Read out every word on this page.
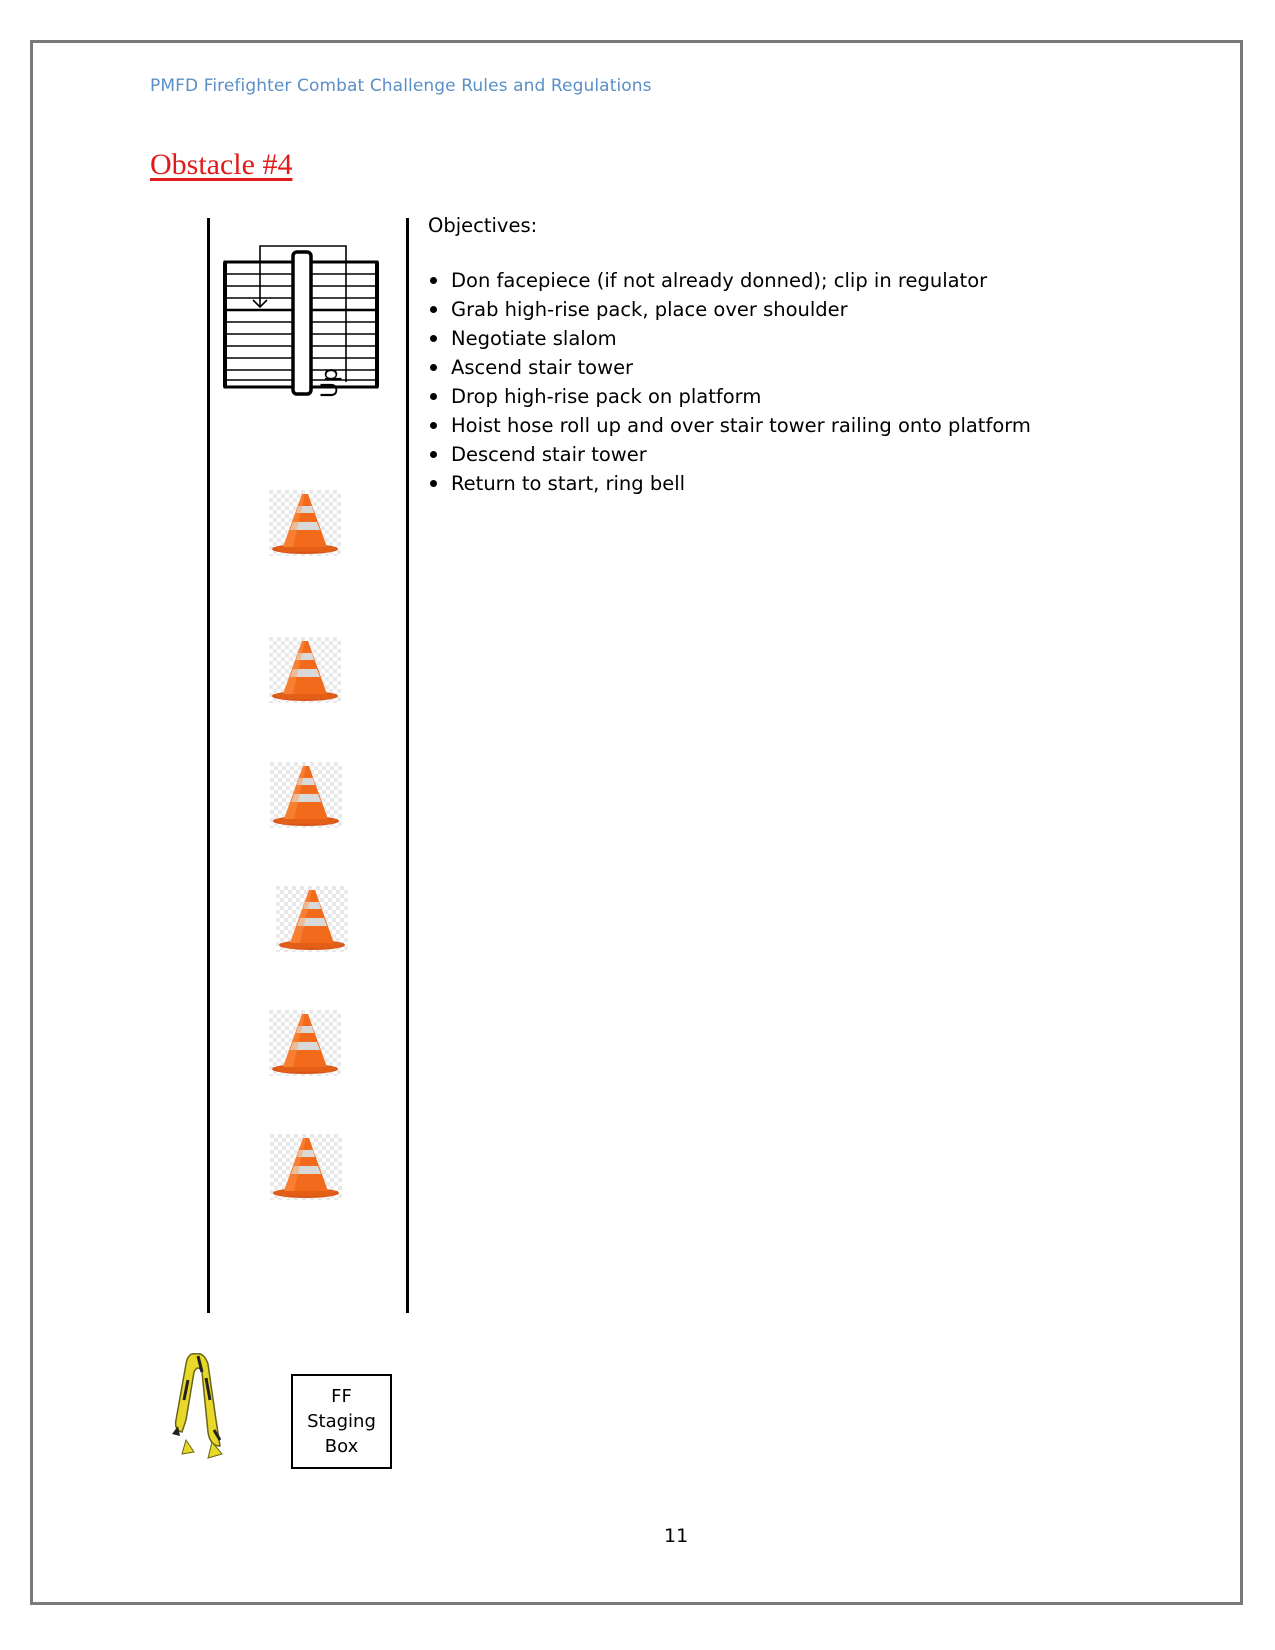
PMFD Firefighter Combat Challenge Rules and Regulations
Obstacle #4
Up
Objectives:
Don facepiece (if not already donned); clip in regulator
Grab high-rise pack, place over shoulder
Negotiate slalom
Ascend stair tower
Drop high-rise pack on platform
Hoist hose roll up and over stair tower railing onto platform
Descend stair tower
Return to start, ring bell
FF
Staging
Box
11
